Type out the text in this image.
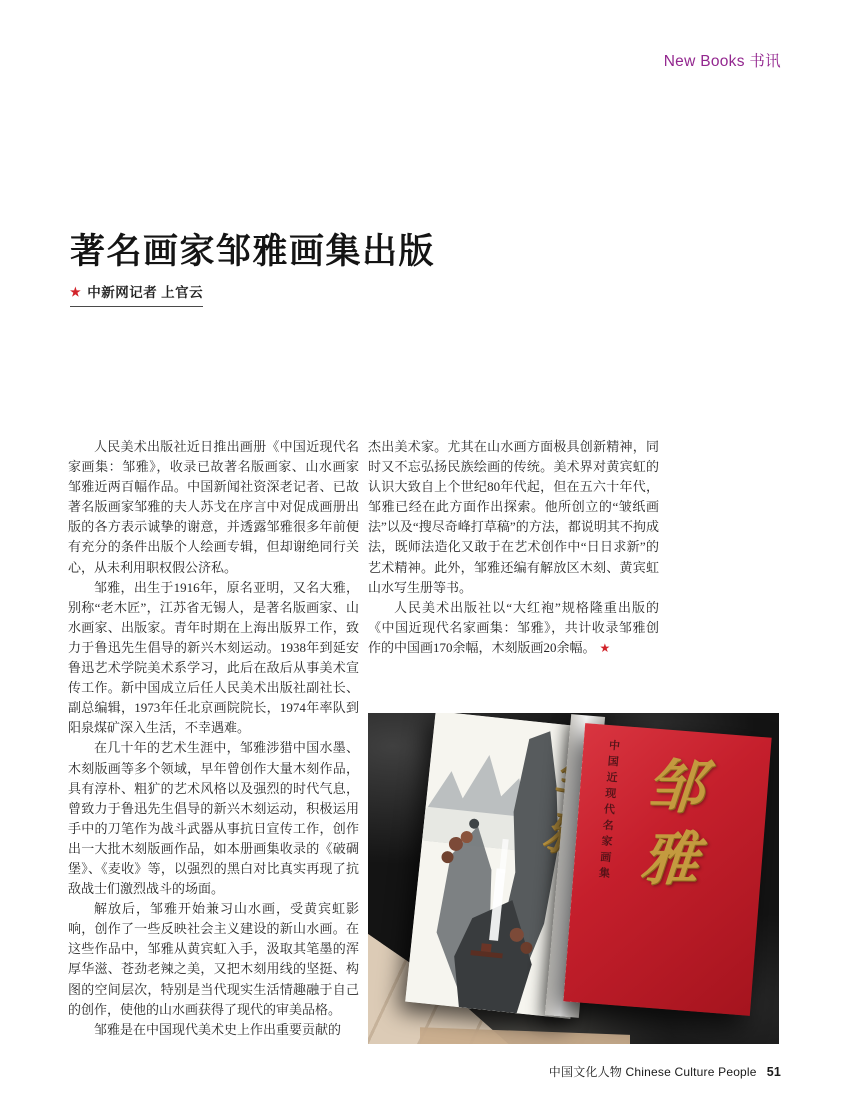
New Books 书讯
著名画家邹雅画集出版
★ 中新网记者 上官云

人民美术出版社近日推出画册《中国近现代名家画集：邹雅》，收录已故著名版画家、山水画家邹雅近两百幅作品。中国新闻社资深老记者、已故著名版画家邹雅的夫人苏戈在序言中对促成画册出版的各方表示诚挚的谢意，并透露邹雅很多年前便有充分的条件出版个人绘画专辑，但却谢绝同行关心，从未利用职权假公济私。

邹雅，出生于1916年，原名亚明，又名大雅，别称“老木匠”，江苏省无锡人，是著名版画家、山水画家、出版家。青年时期在上海出版界工作，致力于鲁迅先生倡导的新兴木刻运动。1938年到延安鲁迅艺术学院美术系学习，此后在敌后从事美术宣传工作。新中国成立后任人民美术出版社副社长、副总编辑，1973年任北京画院院长，1974年率队到阳泉煤矿深入生活，不幸遇难。

在几十年的艺术生涯中，邹雅涉猎中国水墨、木刻版画等多个领域，早年曾创作大量木刻作品，具有淳朴、粗犷的艺术风格以及强烈的时代气息，曾致力于鲁迅先生倡导的新兴木刻运动，积极运用手中的刀笔作为战斗武器从事抗日宣传工作，创作出一大批木刻版画作品，如本册画集收录的《破碉堡》、《麦收》等，以强烈的黑白对比真实再现了抗敌战士们激烈战斗的场面。

解放后，邹雅开始兼习山水画，受黄宾虹影响，创作了一些反映社会主义建设的新山水画。在这些作品中，邹雅从黄宾虹入手，汲取其笔墨的浑厚华滋、苍劲老辣之美，又把木刻用线的坚挺、构图的空间层次，特别是当代现实生活情趣融于自己的创作，使他的山水画获得了现代的审美品格。

邹雅是在中国现代美术史上作出重要贡献的

杰出美术家。尤其在山水画方面极具创新精神，同时又不忘弘扬民族绘画的传统。美术界对黄宾虹的认识大致自上个世纪80年代起，但在五六十年代，邹雅已经在此方面作出探索。他所创立的“皱纸画法”以及“搜尽奇峰打草稿”的方法，都说明其不拘成法，既师法造化又敢于在艺术创作中“日日求新”的艺术精神。此外，邹雅还编有解放区木刻、黄宾虹山水写生册等书。

人民美术出版社以“大红袍”规格隆重出版的《中国近现代名家画集：邹雅》，共计收录邹雅创作的中国画170余幅，木刻版画20余幅。 ★

中国近现代名家画集 邹雅
中国文化人物 Chinese Culture People 51
